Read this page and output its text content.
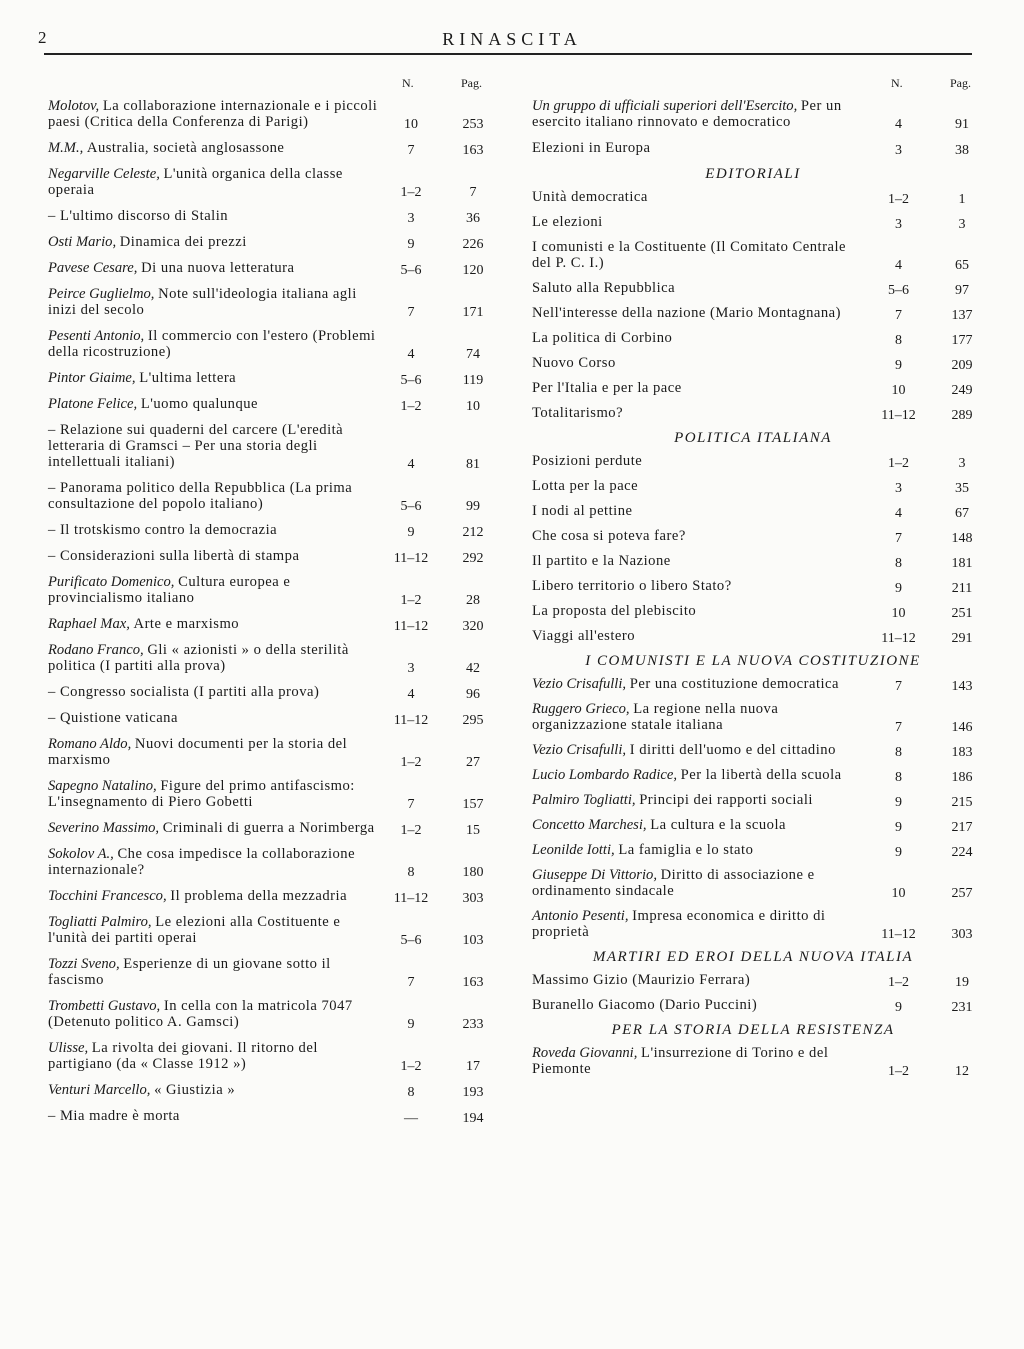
2	RINASCITA
N.	Pag.
Molotov, La collaborazione internazionale e i piccoli paesi (Critica della Conferenza di Parigi)	10	253
M.M., Australia, società anglosassone	7	163
Negarville Celeste, L'unità organica della classe operaia	1–2	7
– L'ultimo discorso di Stalin	3	36
Osti Mario, Dinamica dei prezzi	9	226
Pavese Cesare, Di una nuova letteratura	5–6	120
Peirce Guglielmo, Note sull'ideologia italiana agli inizi del secolo	7	171
Pesenti Antonio, Il commercio con l'estero (Problemi della ricostruzione)	4	74
Pintor Giaime, L'ultima lettera	5–6	119
Platone Felice, L'uomo qualunque	1–2	10
– Relazione sui quaderni del carcere (L'eredità letteraria di Gramsci – Per una storia degli intellettuali italiani)	4	81
– Panorama politico della Repubblica (La prima consultazione del popolo italiano)	5–6	99
– Il trotskismo contro la democrazia	9	212
– Considerazioni sulla libertà di stampa	11–12	292
Purificato Domenico, Cultura europea e provincialismo italiano	1–2	28
Raphael Max, Arte e marxismo	11–12	320
Rodano Franco, Gli « azionisti » o della sterilità politica (I partiti alla prova)	3	42
– Congresso socialista (I partiti alla prova)	4	96
– Quistione vaticana	11–12	295
Romano Aldo, Nuovi documenti per la storia del marxismo	1–2	27
Sapegno Natalino, Figure del primo antifascismo: L'insegnamento di Piero Gobetti	7	157
Severino Massimo, Criminali di guerra a Norimberga	1–2	15
Sokolov A., Che cosa impedisce la collaborazione internazionale?	8	180
Tocchini Francesco, Il problema della mezzadria	11–12	303
Togliatti Palmiro, Le elezioni alla Costituente e l'unità dei partiti operai	5–6	103
Tozzi Sveno, Esperienze di un giovane sotto il fascismo	7	163
Trombetti Gustavo, In cella con la matricola 7047 (Detenuto politico A. Gamsci)	9	233
Ulisse, La rivolta dei giovani. Il ritorno del partigiano (da « Classe 1912 »)	1–2	17
Venturi Marcello, « Giustizia »	8	193
– Mia madre è morta	—	194
N.	Pag.
Un gruppo di ufficiali superiori dell'Esercito, Per un esercito italiano rinnovato e democratico	4	91
Elezioni in Europa	3	38
EDITORIALI
Unità democratica	1–2	1
Le elezioni	3	3
I comunisti e la Costituente (Il Comitato Centrale del P. C. I.)	4	65
Saluto alla Repubblica	5–6	97
Nell'interesse della nazione (Mario Montagnana)	7	137
La politica di Corbino	8	177
Nuovo Corso	9	209
Per l'Italia e per la pace	10	249
Totalitarismo?	11–12	289
POLITICA ITALIANA
Posizioni perdute	1–2	3
Lotta per la pace	3	35
I nodi al pettine	4	67
Che cosa si poteva fare?	7	148
Il partito e la Nazione	8	181
Libero territorio o libero Stato?	9	211
La proposta del plebiscito	10	251
Viaggi all'estero	11–12	291
I COMUNISTI E LA NUOVA COSTITUZIONE
Vezio Crisafulli, Per una costituzione democratica	7	143
Ruggero Grieco, La regione nella nuova organizzazione statale italiana	7	146
Vezio Crisafulli, I diritti dell'uomo e del cittadino	8	183
Lucio Lombardo Radice, Per la libertà della scuola	8	186
Palmiro Togliatti, Principi dei rapporti sociali	9	215
Concetto Marchesi, La cultura e la scuola	9	217
Leonilde Iotti, La famiglia e lo stato	9	224
Giuseppe Di Vittorio, Diritto di associazione e ordinamento sindacale	10	257
Antonio Pesenti, Impresa economica e diritto di proprietà	11–12	303
MARTIRI ED EROI DELLA NUOVA ITALIA
Massimo Gizio (Maurizio Ferrara)	1–2	19
Buranello Giacomo (Dario Puccini)	9	231
PER LA STORIA DELLA RESISTENZA
Roveda Giovanni, L'insurrezione di Torino e del Piemonte	1–2	12
